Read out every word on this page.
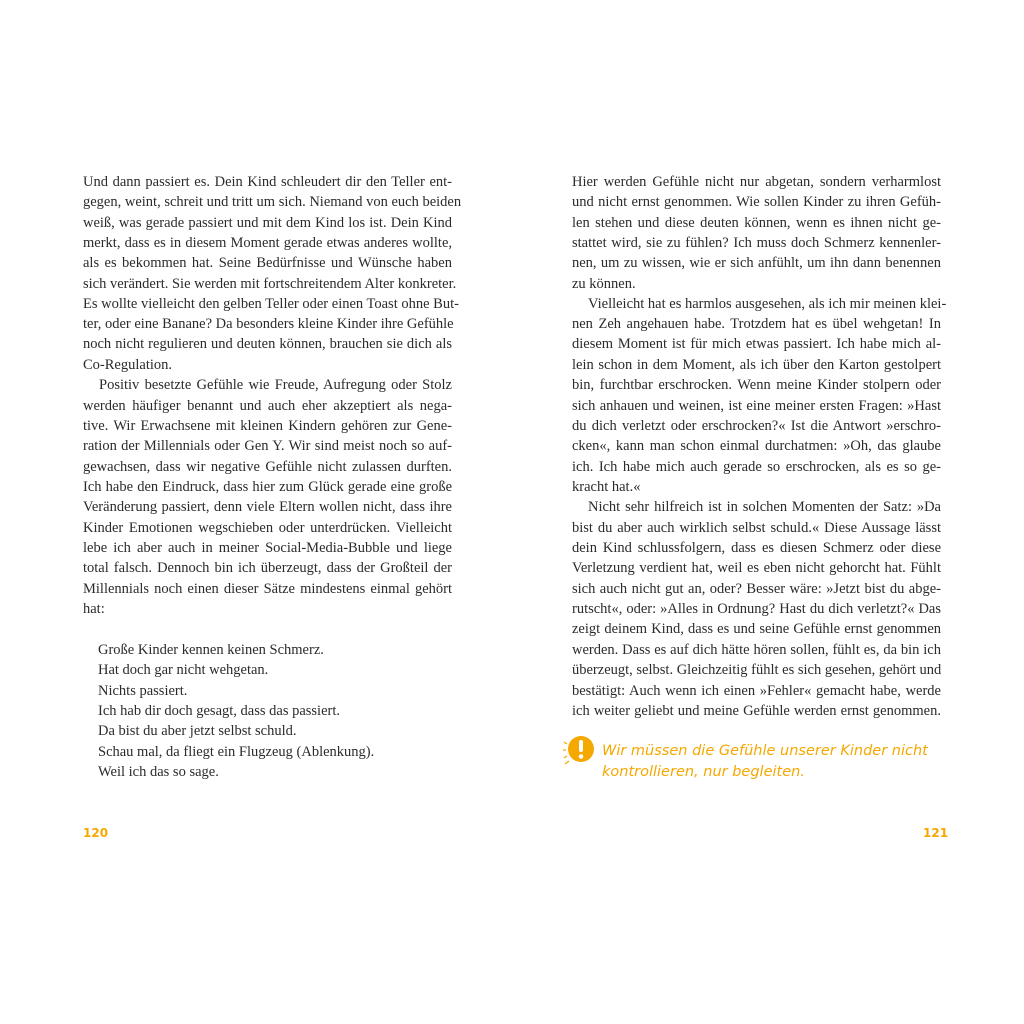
Und dann passiert es. Dein Kind schleudert dir den Teller ent-
gegen, weint, schreit und tritt um sich. Niemand von euch beiden
weiß, was gerade passiert und mit dem Kind los ist. Dein Kind
merkt, dass es in diesem Moment gerade etwas anderes wollte,
als es bekommen hat. Seine Bedürfnisse und Wünsche haben
sich verändert. Sie werden mit fortschreitendem Alter konkreter.
Es wollte vielleicht den gelben Teller oder einen Toast ohne But-
ter, oder eine Banane? Da besonders kleine Kinder ihre Gefühle
noch nicht regulieren und deuten können, brauchen sie dich als
Co-Regulation.
Positiv besetzte Gefühle wie Freude, Aufregung oder Stolz
werden häufiger benannt und auch eher akzeptiert als nega-
tive. Wir Erwachsene mit kleinen Kindern gehören zur Gene-
ration der Millennials oder Gen Y. Wir sind meist noch so auf-
gewachsen, dass wir negative Gefühle nicht zulassen durften.
Ich habe den Eindruck, dass hier zum Glück gerade eine große
Veränderung passiert, denn viele Eltern wollen nicht, dass ihre
Kinder Emotionen wegschieben oder unterdrücken. Vielleicht
lebe ich aber auch in meiner Social-Media-Bubble und liege
total falsch. Dennoch bin ich überzeugt, dass der Großteil der
Millennials noch einen dieser Sätze mindestens einmal gehört
hat:
Große Kinder kennen keinen Schmerz.
Hat doch gar nicht wehgetan.
Nichts passiert.
Ich hab dir doch gesagt, dass das passiert.
Da bist du aber jetzt selbst schuld.
Schau mal, da fliegt ein Flugzeug (Ablenkung).
Weil ich das so sage.
120
Hier werden Gefühle nicht nur abgetan, sondern verharmlost
und nicht ernst genommen. Wie sollen Kinder zu ihren Gefüh-
len stehen und diese deuten können, wenn es ihnen nicht ge-
stattet wird, sie zu fühlen? Ich muss doch Schmerz kennenler-
nen, um zu wissen, wie er sich anfühlt, um ihn dann benennen
zu können.
Vielleicht hat es harmlos ausgesehen, als ich mir meinen klei-
nen Zeh angehauen habe. Trotzdem hat es übel wehgetan! In
diesem Moment ist für mich etwas passiert. Ich habe mich al-
lein schon in dem Moment, als ich über den Karton gestolpert
bin, furchtbar erschrocken. Wenn meine Kinder stolpern oder
sich anhauen und weinen, ist eine meiner ersten Fragen: »Hast
du dich verletzt oder erschrocken?« Ist die Antwort »erschro-
cken«, kann man schon einmal durchatmen: »Oh, das glaube
ich. Ich habe mich auch gerade so erschrocken, als es so ge-
kracht hat.«
Nicht sehr hilfreich ist in solchen Momenten der Satz: »Da
bist du aber auch wirklich selbst schuld.« Diese Aussage lässt
dein Kind schlussfolgern, dass es diesen Schmerz oder diese
Verletzung verdient hat, weil es eben nicht gehorcht hat. Fühlt
sich auch nicht gut an, oder? Besser wäre: »Jetzt bist du abge-
rutscht«, oder: »Alles in Ordnung? Hast du dich verletzt?« Das
zeigt deinem Kind, dass es und seine Gefühle ernst genommen
werden. Dass es auf dich hätte hören sollen, fühlt es, da bin ich
überzeugt, selbst. Gleichzeitig fühlt es sich gesehen, gehört und
bestätigt: Auch wenn ich einen »Fehler« gemacht habe, werde
ich weiter geliebt und meine Gefühle werden ernst genommen.
Wir müssen die Gefühle unserer Kinder nicht
kontrollieren, nur begleiten.
121
